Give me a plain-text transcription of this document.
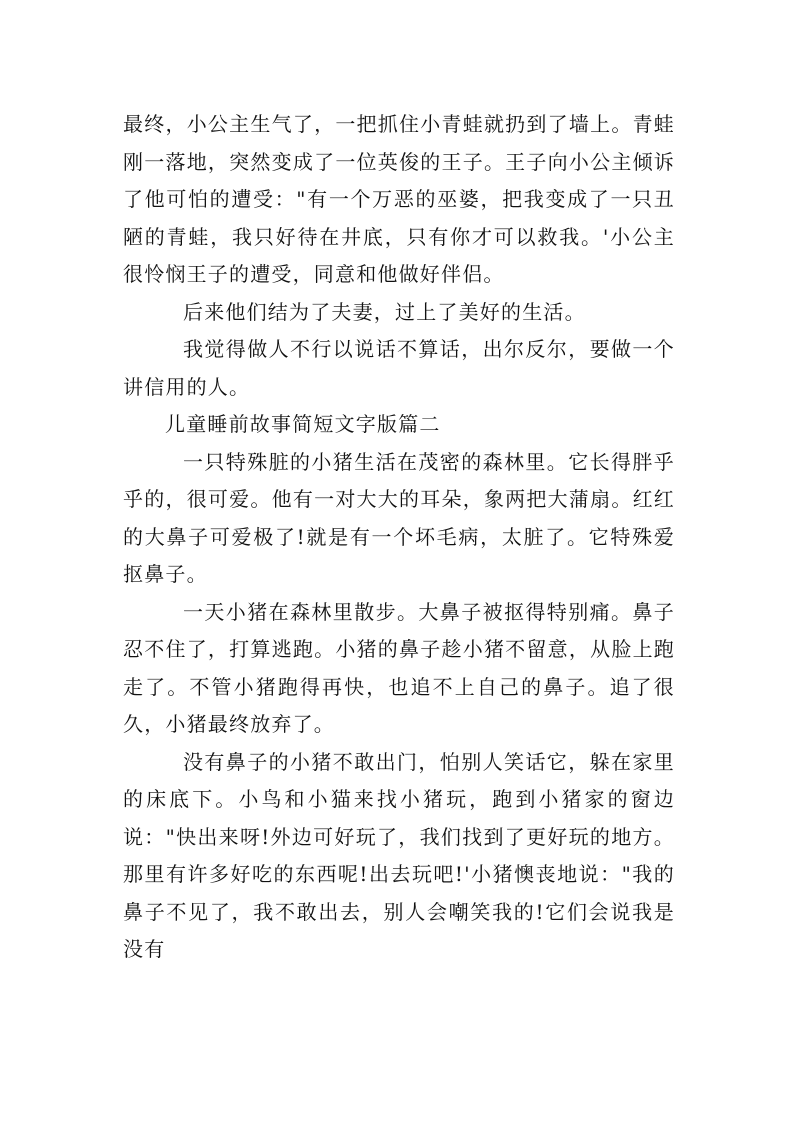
最终，小公主生气了，一把抓住小青蛙就扔到了墙上。青蛙刚一落地，突然变成了一位英俊的王子。王子向小公主倾诉了他可怕的遭受："有一个万恶的巫婆，把我变成了一只丑陋的青蛙，我只好待在井底，只有你才可以救我。'小公主很怜悯王子的遭受，同意和他做好伴侣。

后来他们结为了夫妻，过上了美好的生活。

我觉得做人不行以说话不算话，出尔反尔，要做一个讲信用的人。

儿童睡前故事简短文字版篇二

一只特殊脏的小猪生活在茂密的森林里。它长得胖乎乎的，很可爱。他有一对大大的耳朵，象两把大蒲扇。红红的大鼻子可爱极了!就是有一个坏毛病，太脏了。它特殊爱抠鼻子。

一天小猪在森林里散步。大鼻子被抠得特别痛。鼻子忍不住了，打算逃跑。小猪的鼻子趁小猪不留意，从脸上跑走了。不管小猪跑得再快，也追不上自己的鼻子。追了很久，小猪最终放弃了。

没有鼻子的小猪不敢出门，怕别人笑话它，躲在家里的床底下。小鸟和小猫来找小猪玩，跑到小猪家的窗边说："快出来呀!外边可好玩了，我们找到了更好玩的地方。那里有许多好吃的东西呢!出去玩吧!'小猪懊丧地说："我的鼻子不见了，我不敢出去，别人会嘲笑我的!它们会说我是没有
